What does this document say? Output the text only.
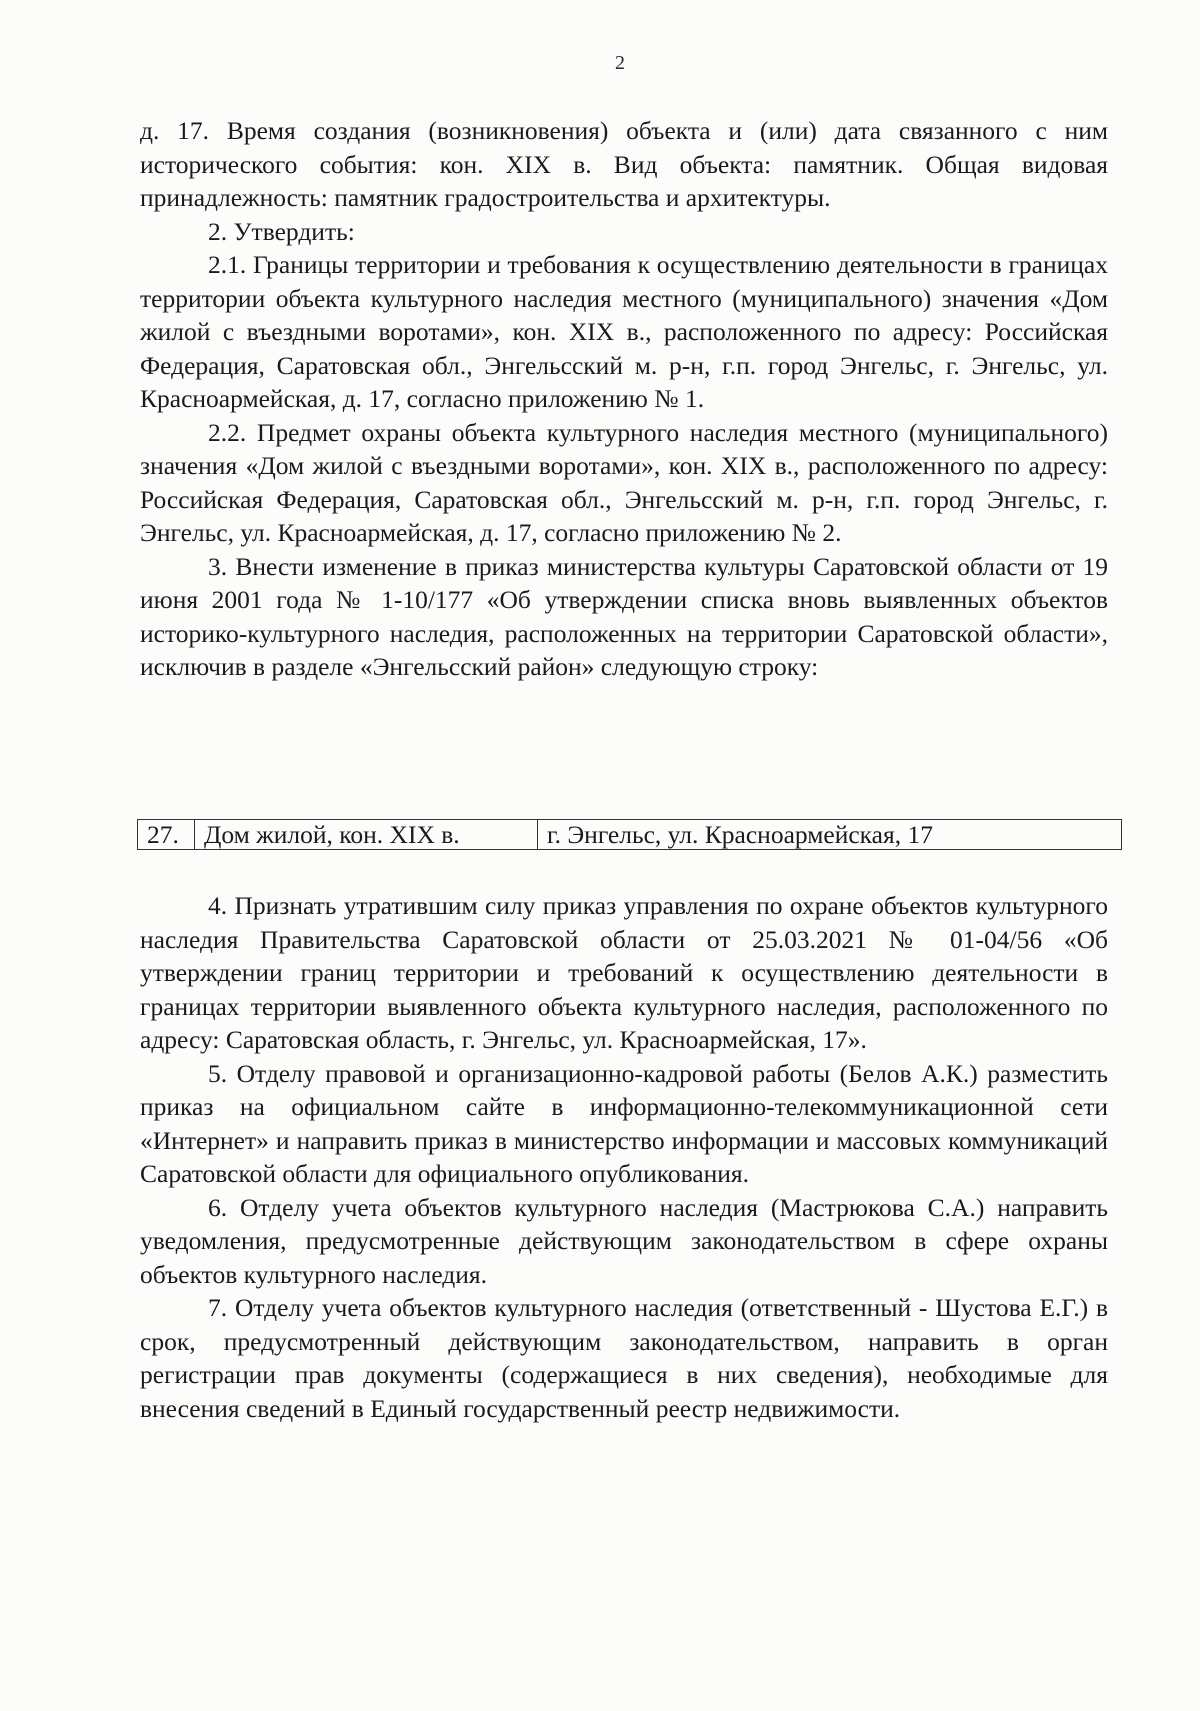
2

д. 17. Время создания (возникновения) объекта и (или) дата связанного с ним исторического события: кон. XIX в. Вид объекта: памятник. Общая видовая принадлежность: памятник градостроительства и архитектуры.

2. Утвердить:

2.1. Границы территории и требования к осуществлению деятельности в границах территории объекта культурного наследия местного (муниципального) значения «Дом жилой с въездными воротами», кон. XIX в., расположенного по адресу: Российская Федерация, Саратовская обл., Энгельсский м. р-н, г.п. город Энгельс, г. Энгельс, ул. Красноармейская, д. 17, согласно приложению № 1.

2.2. Предмет охраны объекта культурного наследия местного (муниципального) значения «Дом жилой с въездными воротами», кон. XIX в., расположенного по адресу: Российская Федерация, Саратовская обл., Энгельсский м. р-н, г.п. город Энгельс, г. Энгельс, ул. Красноармейская, д. 17, согласно приложению № 2.

3. Внести изменение в приказ министерства культуры Саратовской области от 19 июня 2001 года № 1-10/177 «Об утверждении списка вновь выявленных объектов историко-культурного наследия, расположенных на территории Саратовской области», исключив в разделе «Энгельсский район» следующую строку:

27. Дом жилой, кон. XIX в.	г. Энгельс, ул. Красноармейская, 17

4. Признать утратившим силу приказ управления по охране объектов культурного наследия Правительства Саратовской области от 25.03.2021 № 01-04/56 «Об утверждении границ территории и требований к осуществлению деятельности в границах территории выявленного объекта культурного наследия, расположенного по адресу: Саратовская область, г. Энгельс, ул. Красноармейская, 17».

5. Отделу правовой и организационно-кадровой работы (Белов А.К.) разместить приказ на официальном сайте в информационно-телекоммуникационной сети «Интернет» и направить приказ в министерство информации и массовых коммуникаций Саратовской области для официального опубликования.

6. Отделу учета объектов культурного наследия (Мастрюкова С.А.) направить уведомления, предусмотренные действующим законодательством в сфере охраны объектов культурного наследия.

7. Отделу учета объектов культурного наследия (ответственный - Шустова Е.Г.) в срок, предусмотренный действующим законодательством, направить в орган регистрации прав документы (содержащиеся в них сведения), необходимые для внесения сведений в Единый государственный реестр недвижимости.
